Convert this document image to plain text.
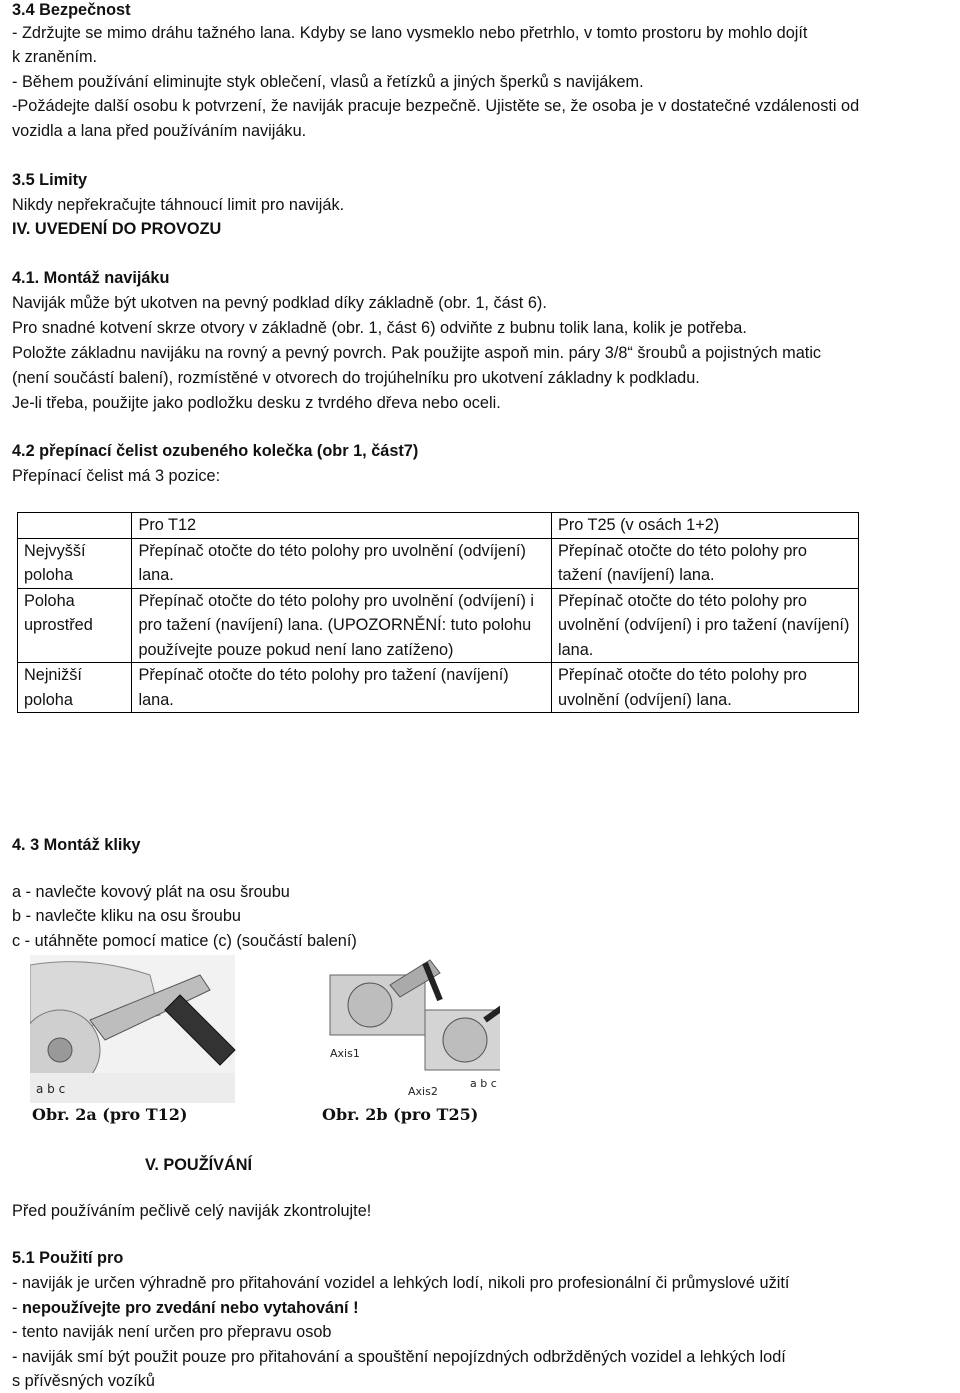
3.4 Bezpečnost
- Zdržujte se mimo dráhu tažného lana. Kdyby se lano vysmeklo nebo přetrhlo, v tomto prostoru by mohlo dojít
k zraněním.
- Během používání eliminujte styk oblečení, vlasů a řetízků a jiných šperků s navijákem.
-Požádejte další osobu k potvrzení, že naviják pracuje bezpečně. Ujistěte se, že osoba je v dostatečné vzdálenosti od
vozidla a lana před používáním navijáku.
3.5 Limity
Nikdy nepřekračujte táhnoucí limit pro naviják.
IV. UVEDENÍ DO PROVOZU
4.1. Montáž navijáku
Naviják může být ukotven na pevný podklad díky základně (obr. 1, část 6).
Pro snadné kotvení skrze otvory v základně (obr. 1, část 6) odviňte z bubnu tolik lana, kolik je potřeba.
Položte základnu navijáku na rovný a pevný povrch. Pak použijte aspoň min. páry 3/8“ šroubů a pojistných matic
(není součástí balení), rozmístěné v otvorech do trojúhelníku pro ukotvení základny k podkladu.
Je-li třeba, použijte jako podložku desku z tvrdého dřeva nebo oceli.
4.2 přepínací čelist ozubeného kolečka (obr 1, část7)
Přepínací čelist má 3 pozice:
	Pro T12	Pro T25 (v osách 1+2)
Nejvyšší poloha	Přepínač otočte do této polohy pro uvolnění (odvíjení) lana.	Přepínač otočte do této polohy pro tažení (navíjení) lana.
Poloha uprostřed	Přepínač otočte do této polohy pro uvolnění (odvíjení) i pro tažení (navíjení) lana. (UPOZORNĚNÍ: tuto polohu používejte pouze pokud není lano zatíženo)	Přepínač otočte do této polohy pro uvolnění (odvíjení) i pro tažení (navíjení) lana.
Nejnižší poloha	Přepínač otočte do této polohy pro tažení (navíjení) lana.	Přepínač otočte do této polohy pro uvolnění (odvíjení) lana.
4. 3 Montáž kliky
a - navlečte kovový plát na osu šroubu
b - navlečte kliku na osu šroubu
c - utáhněte pomocí matice (c) (součástí balení)
a b c
Axis1
Axis2
a b c
Obr. 2a (pro T12)	Obr. 2b (pro T25)
V. POUŽÍVÁNÍ
Před používáním pečlivě celý naviják zkontrolujte!
5.1 Použití pro
- naviják je určen výhradně pro přitahování vozidel a lehkých lodí, nikoli pro profesionální či průmyslové užití
- nepoužívejte pro zvedání nebo vytahování !
- tento naviják není určen pro přepravu osob
- naviják smí být použit pouze pro přitahování a spouštění nepojízdných odbržděných vozidel a lehkých lodí
s přívěsných vozíků
